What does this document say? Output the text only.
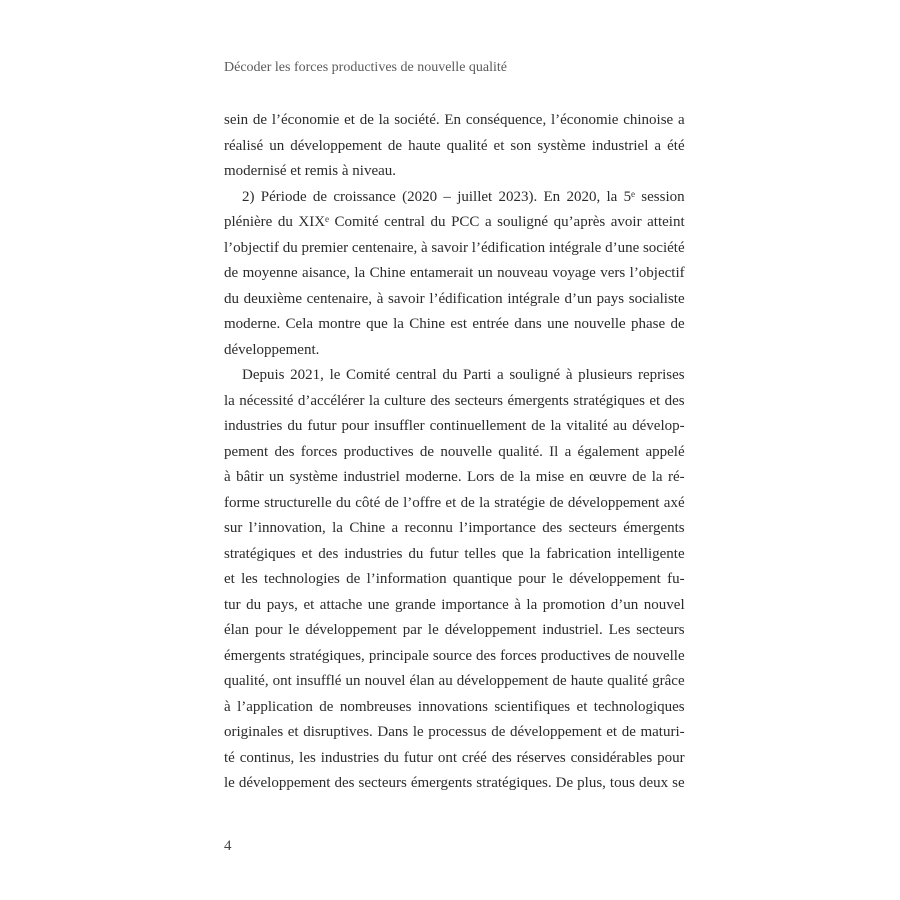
Décoder les forces productives de nouvelle qualité
sein de l’économie et de la société. En conséquence, l’économie chinoise a
réalisé un développement de haute qualité et son système industriel a été
modernisé et remis à niveau.
2) Période de croissance (2020 – juillet 2023). En 2020, la 5ᵉ session
plénière du XIXᵉ Comité central du PCC a souligné qu’après avoir atteint
l’objectif du premier centenaire, à savoir l’édification intégrale d’une société
de moyenne aisance, la Chine entamerait un nouveau voyage vers l’objectif
du deuxième centenaire, à savoir l’édification intégrale d’un pays socialiste
moderne. Cela montre que la Chine est entrée dans une nouvelle phase de
développement.
Depuis 2021, le Comité central du Parti a souligné à plusieurs reprises
la nécessité d’accélérer la culture des secteurs émergents stratégiques et des
industries du futur pour insuffler continuellement de la vitalité au dévelop-
pement des forces productives de nouvelle qualité. Il a également appelé
à bâtir un système industriel moderne. Lors de la mise en œuvre de la ré-
forme structurelle du côté de l’offre et de la stratégie de développement axé
sur l’innovation, la Chine a reconnu l’importance des secteurs émergents
stratégiques et des industries du futur telles que la fabrication intelligente
et les technologies de l’information quantique pour le développement fu-
tur du pays, et attache une grande importance à la promotion d’un nouvel
élan pour le développement par le développement industriel. Les secteurs
émergents stratégiques, principale source des forces productives de nouvelle
qualité, ont insufflé un nouvel élan au développement de haute qualité grâce
à l’application de nombreuses innovations scientifiques et technologiques
originales et disruptives. Dans le processus de développement et de maturi-
té continus, les industries du futur ont créé des réserves considérables pour
le développement des secteurs émergents stratégiques. De plus, tous deux se
4
